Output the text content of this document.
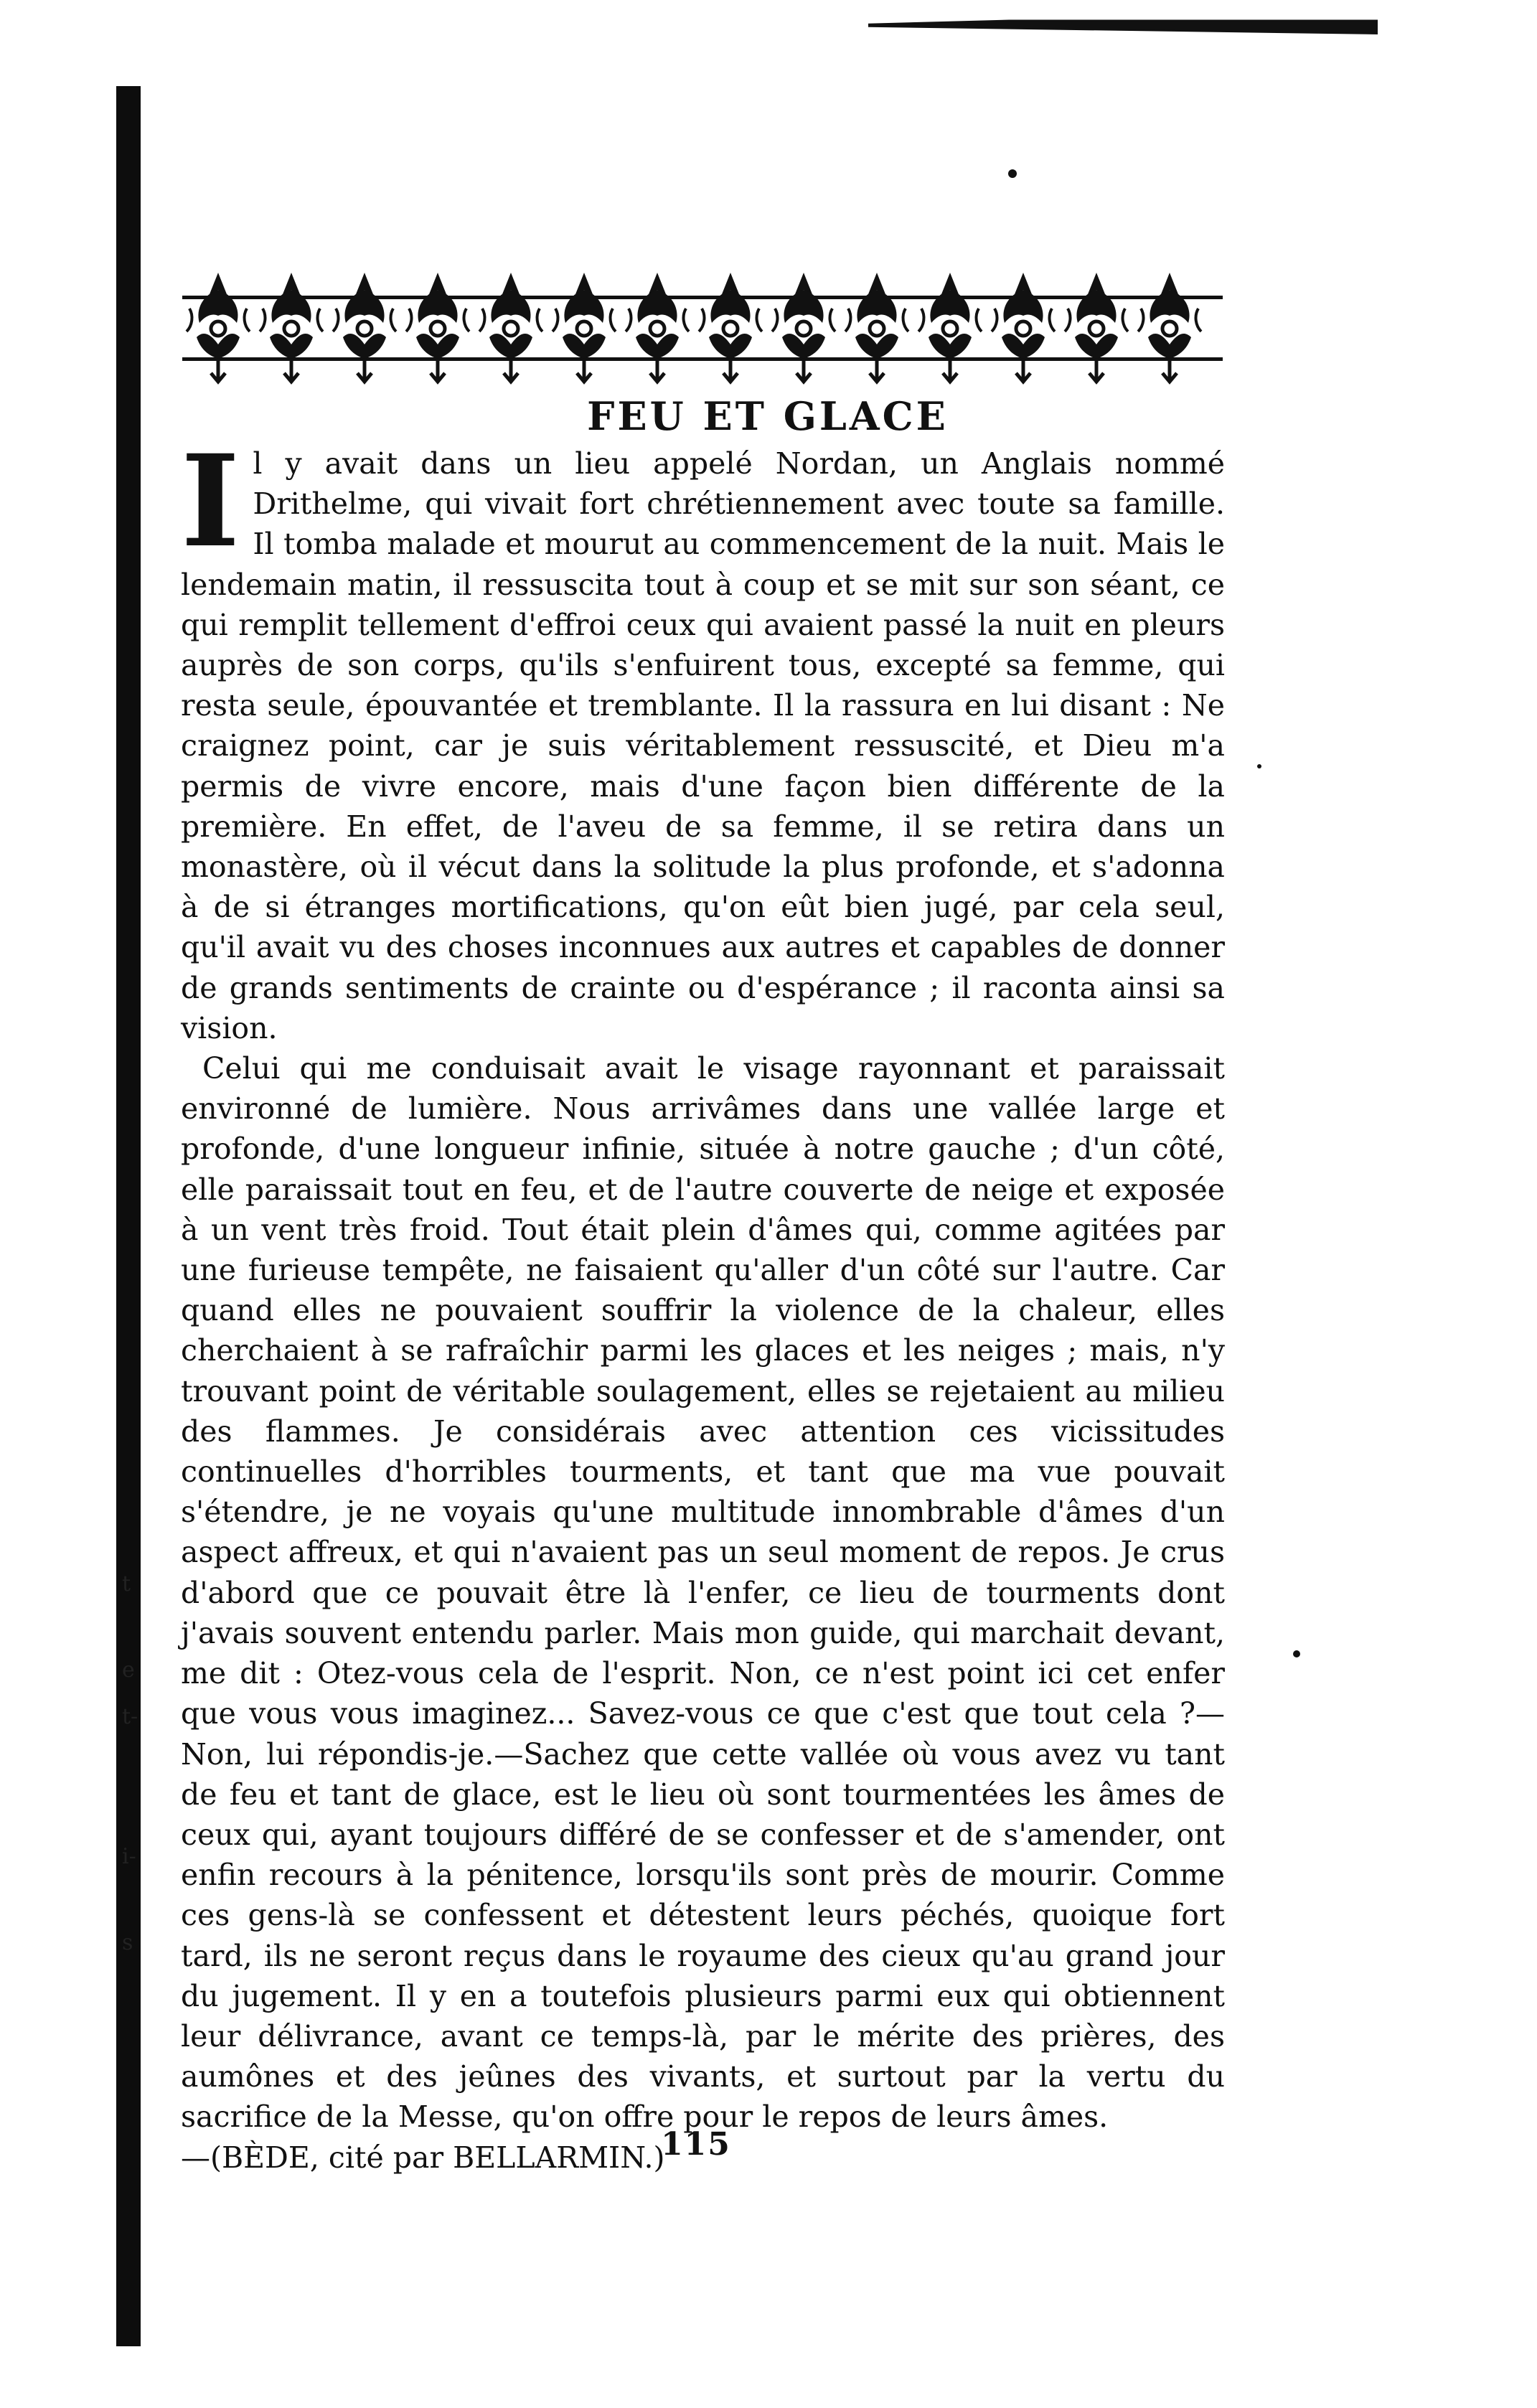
t
e
t-
i-
s
FEU ET GLACE

Il y avait dans un lieu appelé Nordan, un Anglais nommé Drithelme, qui vivait fort chrétiennement avec toute sa famille. Il tomba malade et mourut au commencement de la nuit. Mais le lendemain matin, il ressuscita tout à coup et se mit sur son séant, ce qui remplit tellement d'effroi ceux qui avaient passé la nuit en pleurs auprès de son corps, qu'ils s'enfuirent tous, excepté sa femme, qui resta seule, épouvantée et tremblante. Il la rassura en lui disant : Ne craignez point, car je suis véritablement ressuscité, et Dieu m'a permis de vivre encore, mais d'une façon bien différente de la première. En effet, de l'aveu de sa femme, il se retira dans un monastère, où il vécut dans la solitude la plus profonde, et s'adonna à de si étranges mortifications, qu'on eût bien jugé, par cela seul, qu'il avait vu des choses inconnues aux autres et capables de donner de grands sentiments de crainte ou d'espérance ; il raconta ainsi sa vision.

Celui qui me conduisait avait le visage rayonnant et paraissait environné de lumière. Nous arrivâmes dans une vallée large et profonde, d'une longueur infinie, située à notre gauche ; d'un côté, elle paraissait tout en feu, et de l'autre couverte de neige et exposée à un vent très froid. Tout était plein d'âmes qui, comme agitées par une furieuse tempête, ne faisaient qu'aller d'un côté sur l'autre. Car quand elles ne pouvaient souffrir la violence de la chaleur, elles cherchaient à se rafraîchir parmi les glaces et les neiges ; mais, n'y trouvant point de véritable soulagement, elles se rejetaient au milieu des flammes. Je considérais avec attention ces vicissitudes continuelles d'horribles tourments, et tant que ma vue pouvait s'étendre, je ne voyais qu'une multitude innombrable d'âmes d'un aspect affreux, et qui n'avaient pas un seul moment de repos. Je crus d'abord que ce pouvait être là l'enfer, ce lieu de tourments dont j'avais souvent entendu parler. Mais mon guide, qui marchait devant, me dit : Otez-vous cela de l'esprit. Non, ce n'est point ici cet enfer que vous vous imaginez... Savez-vous ce que c'est que tout cela ?—Non, lui répondis-je.—Sachez que cette vallée où vous avez vu tant de feu et tant de glace, est le lieu où sont tourmentées les âmes de ceux qui, ayant toujours différé de se confesser et de s'amender, ont enfin recours à la pénitence, lorsqu'ils sont près de mourir. Comme ces gens-là se confessent et détestent leurs péchés, quoique fort tard, ils ne seront reçus dans le royaume des cieux qu'au grand jour du jugement. Il y en a toutefois plusieurs parmi eux qui obtiennent leur délivrance, avant ce temps-là, par le mérite des prières, des aumônes et des jeûnes des vivants, et surtout par la vertu du sacrifice de la Messe, qu'on offre pour le repos de leurs âmes.

—(BÈDE, cité par BELLARMIN.)

115
